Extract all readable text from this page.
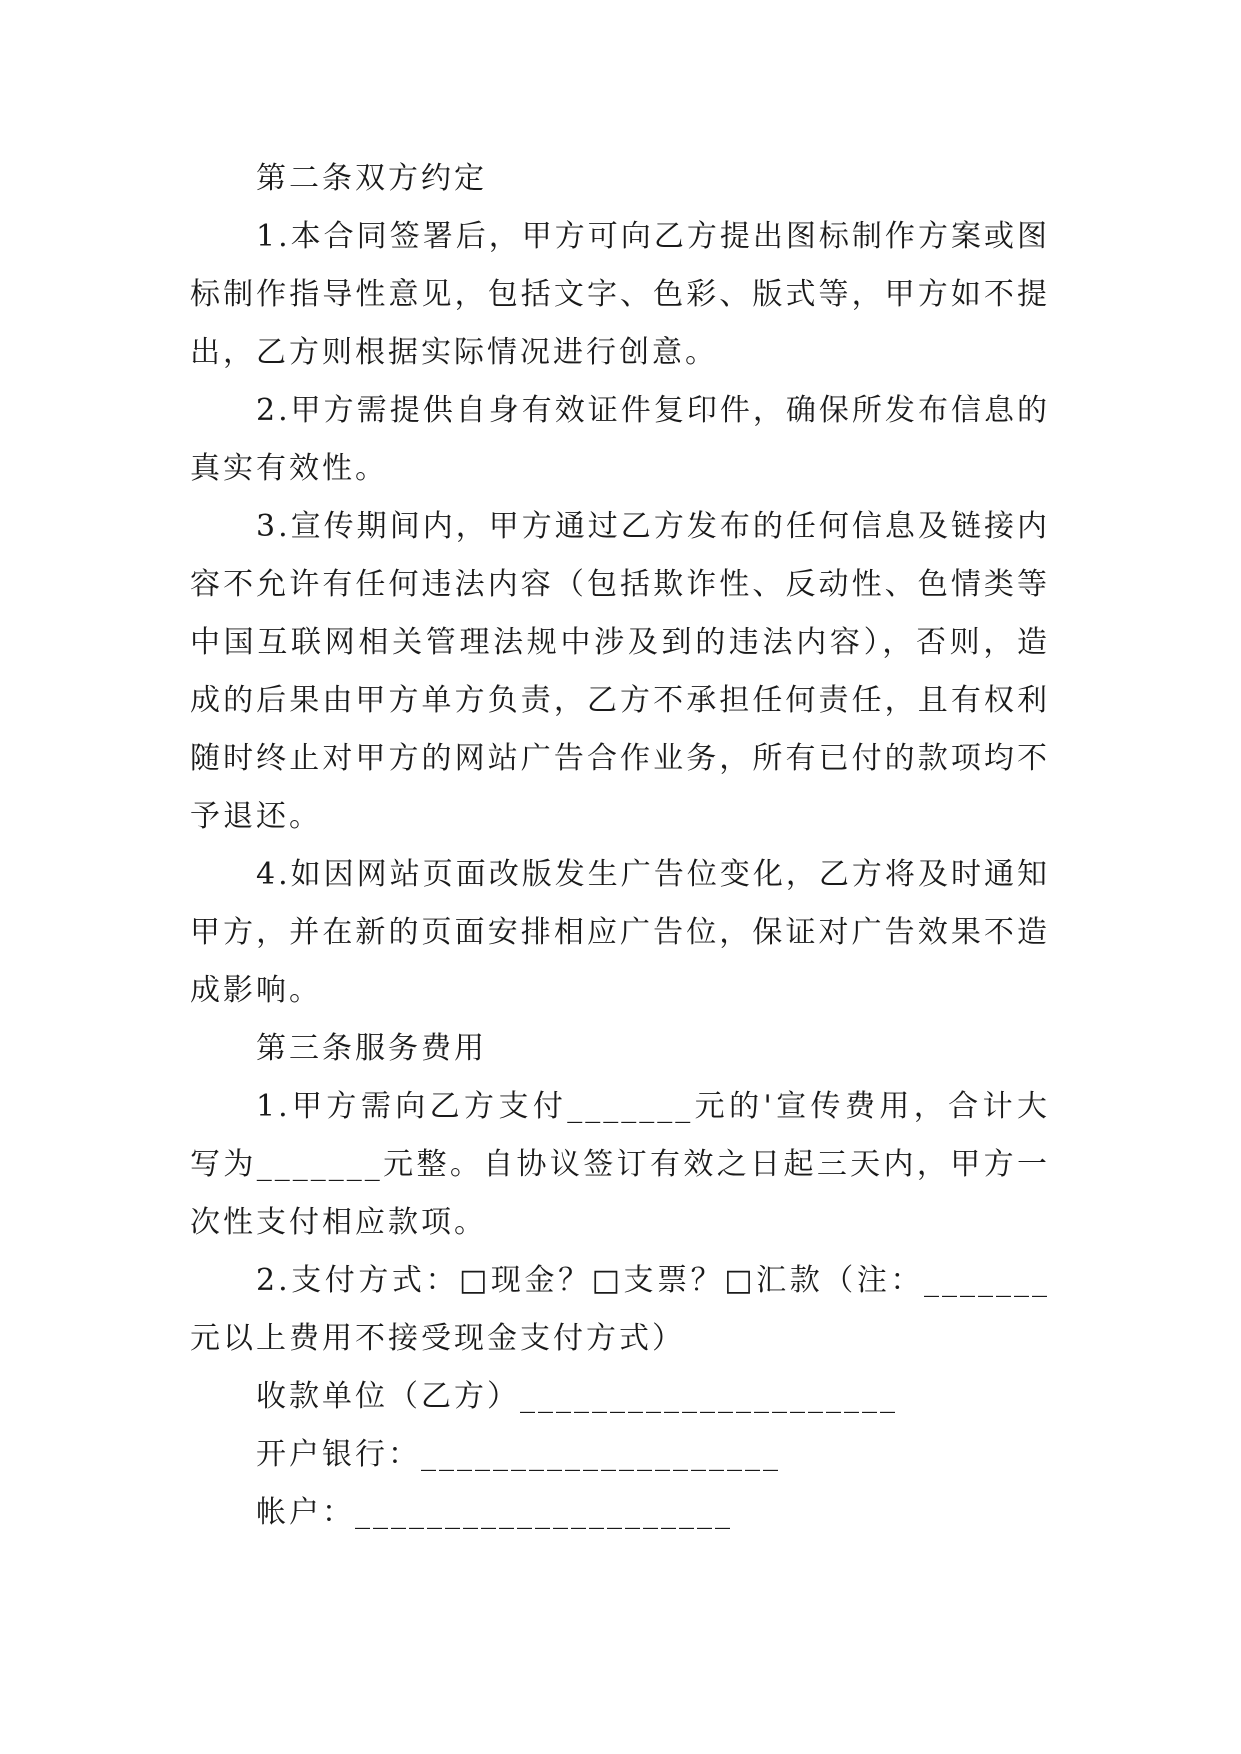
第二条双方约定

1.本合同签署后，甲方可向乙方提出图标制作方案或图标制作指导性意见，包括文字、色彩、版式等，甲方如不提出，乙方则根据实际情况进行创意。

2.甲方需提供自身有效证件复印件，确保所发布信息的真实有效性。

3.宣传期间内，甲方通过乙方发布的任何信息及链接内容不允许有任何违法内容（包括欺诈性、反动性、色情类等中国互联网相关管理法规中涉及到的违法内容），否则，造成的后果由甲方单方负责，乙方不承担任何责任，且有权利随时终止对甲方的网站广告合作业务，所有已付的款项均不予退还。

4.如因网站页面改版发生广告位变化，乙方将及时通知甲方，并在新的页面安排相应广告位，保证对广告效果不造成影响。

第三条服务费用

1.甲方需向乙方支付_______元的'宣传费用，合计大写为_______元整。自协议签订有效之日起三天内，甲方一次性支付相应款项。

2.支付方式：□现金？□支票？□汇款（注：_______元以上费用不接受现金支付方式）

收款单位（乙方）_____________________

开户银行：____________________

帐户：_____________________
